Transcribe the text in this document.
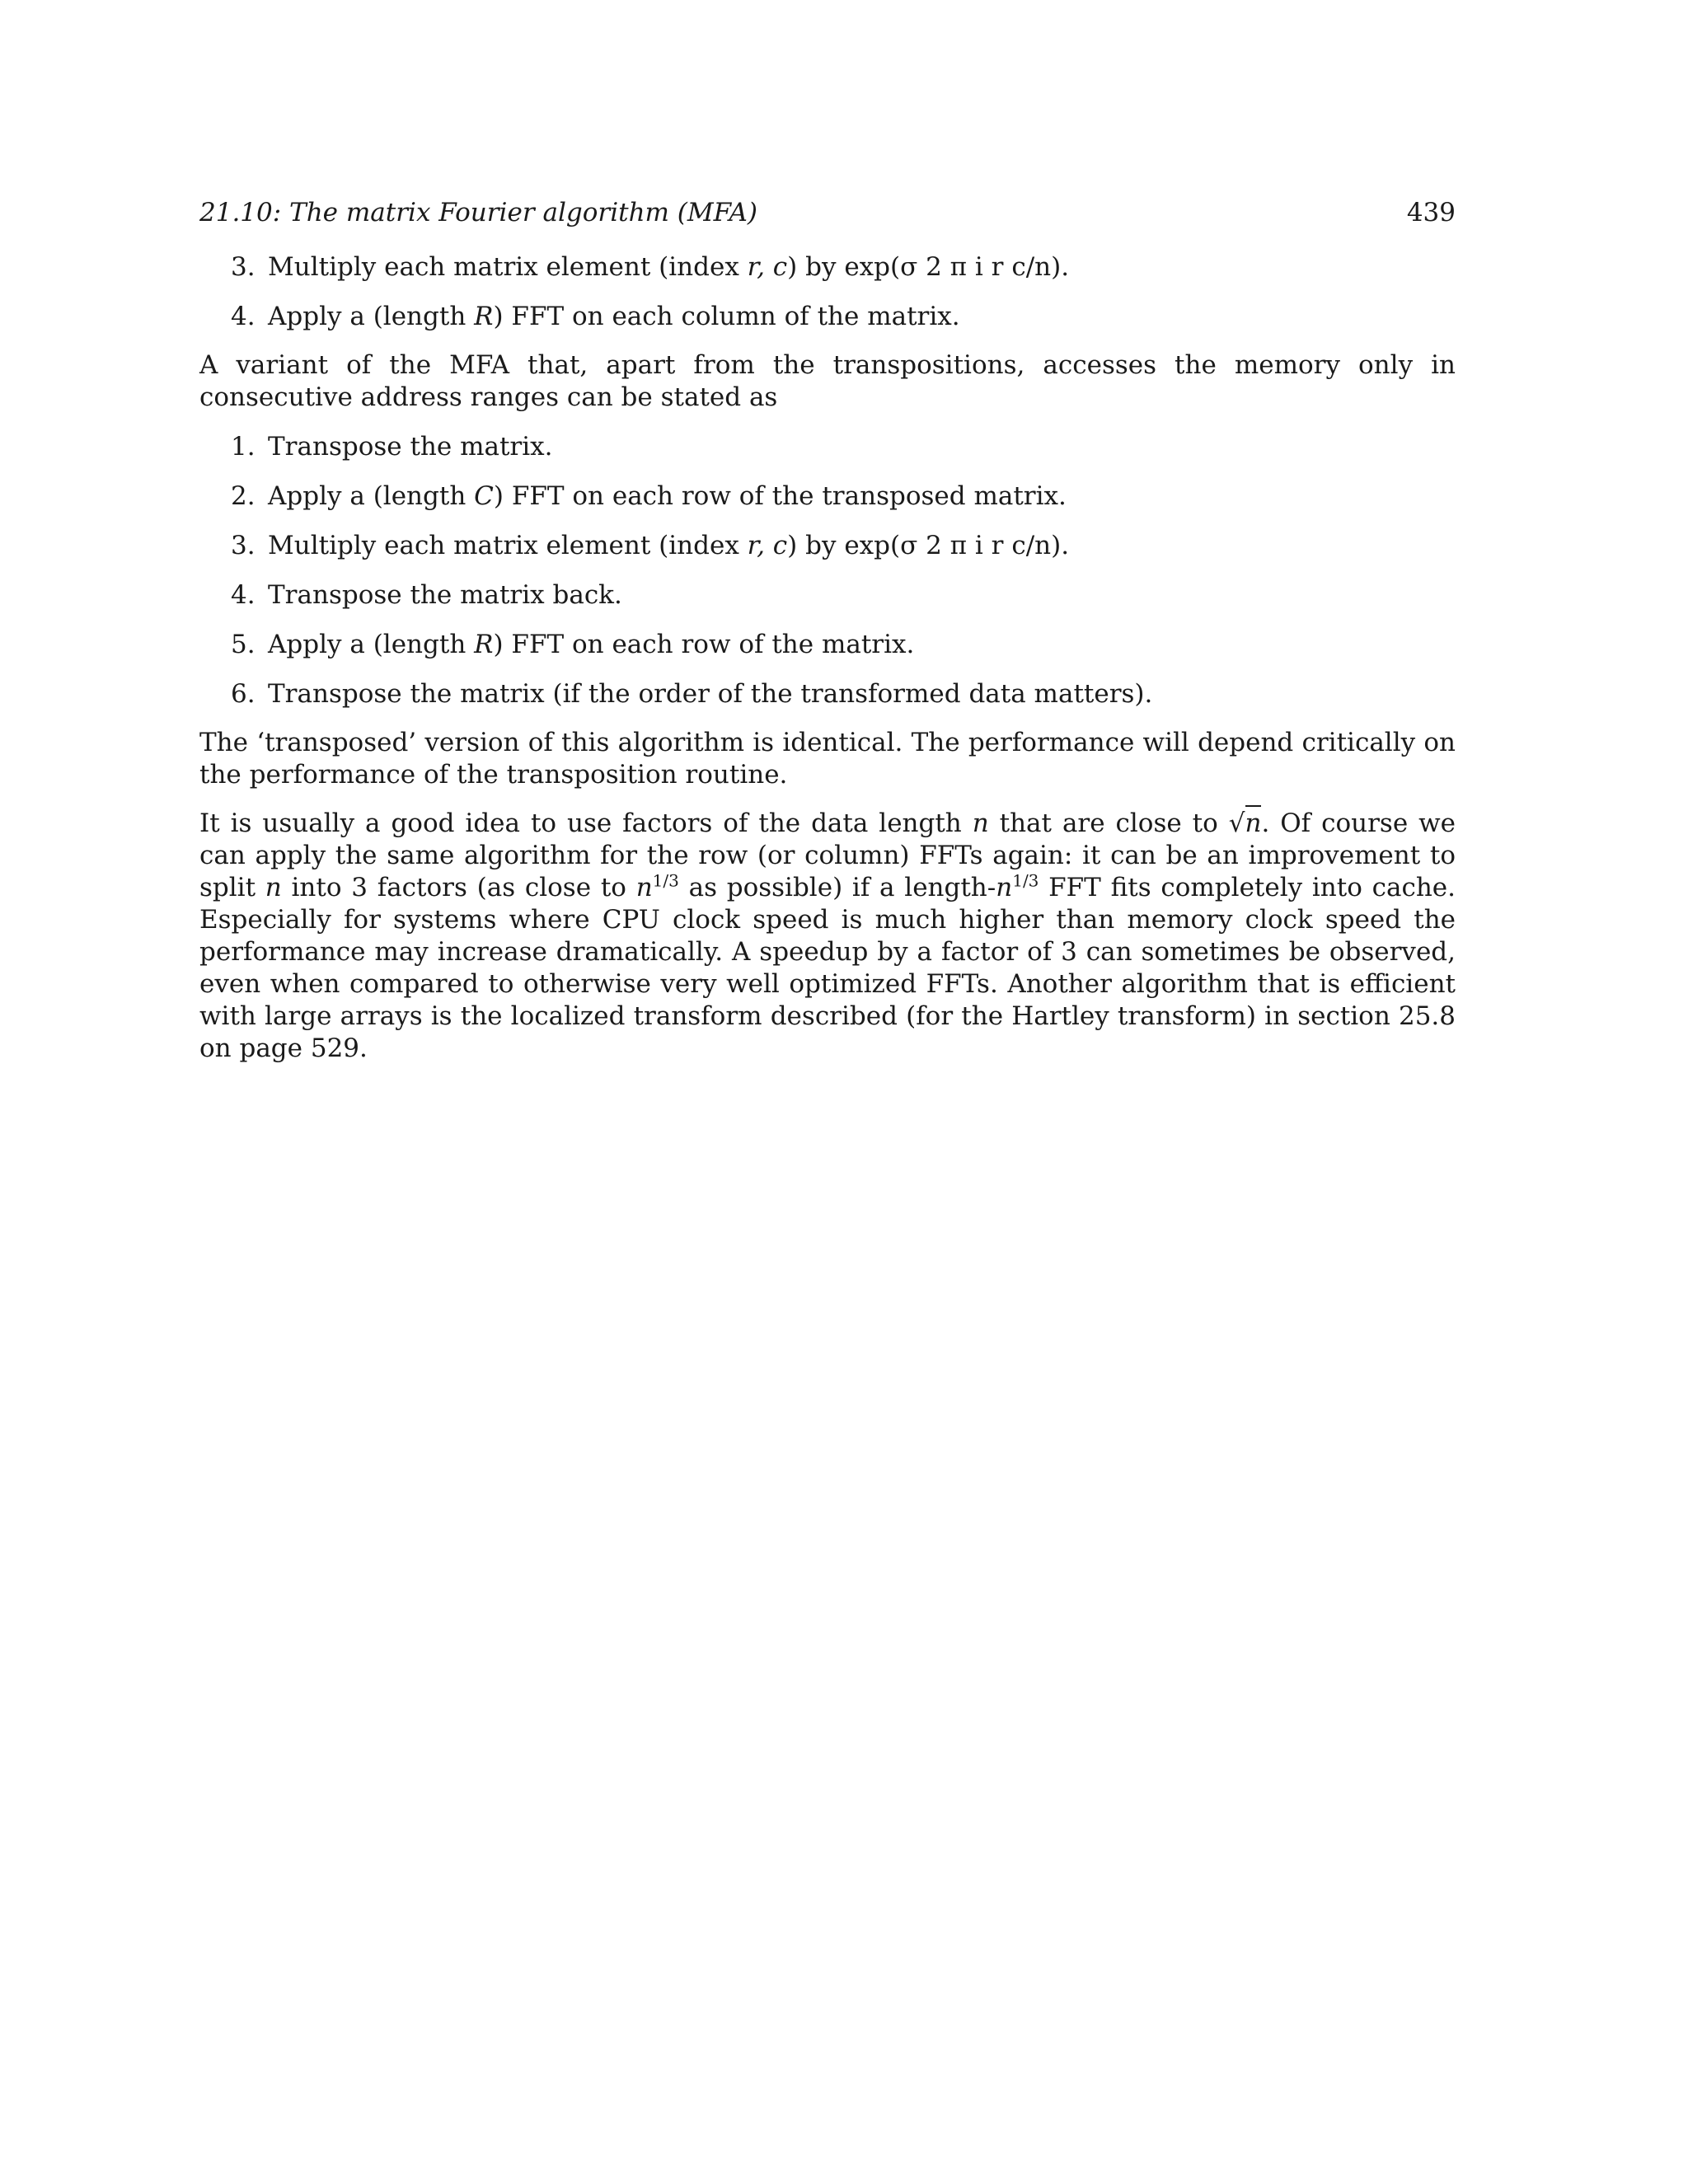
21.10: The matrix Fourier algorithm (MFA)	439
3. Multiply each matrix element (index r, c) by exp(σ 2 π i r c/n).
4. Apply a (length R) FFT on each column of the matrix.

A variant of the MFA that, apart from the transpositions, accesses the memory only in consecutive address ranges can be stated as

1. Transpose the matrix.
2. Apply a (length C) FFT on each row of the transposed matrix.
3. Multiply each matrix element (index r, c) by exp(σ 2 π i r c/n).
4. Transpose the matrix back.
5. Apply a (length R) FFT on each row of the matrix.
6. Transpose the matrix (if the order of the transformed data matters).

The ‘transposed’ version of this algorithm is identical. The performance will depend critically on the performance of the transposition routine.

It is usually a good idea to use factors of the data length n that are close to √n. Of course we can apply the same algorithm for the row (or column) FFTs again: it can be an improvement to split n into 3 factors (as close to $n^{1/3}$ as possible) if a length-$n^{1/3}$ FFT fits completely into cache. Especially for systems where CPU clock speed is much higher than memory clock speed the performance may increase dramatically. A speedup by a factor of 3 can sometimes be observed, even when compared to otherwise very well optimized FFTs. Another algorithm that is efficient with large arrays is the localized transform described (for the Hartley transform) in section 25.8 on page 529.
